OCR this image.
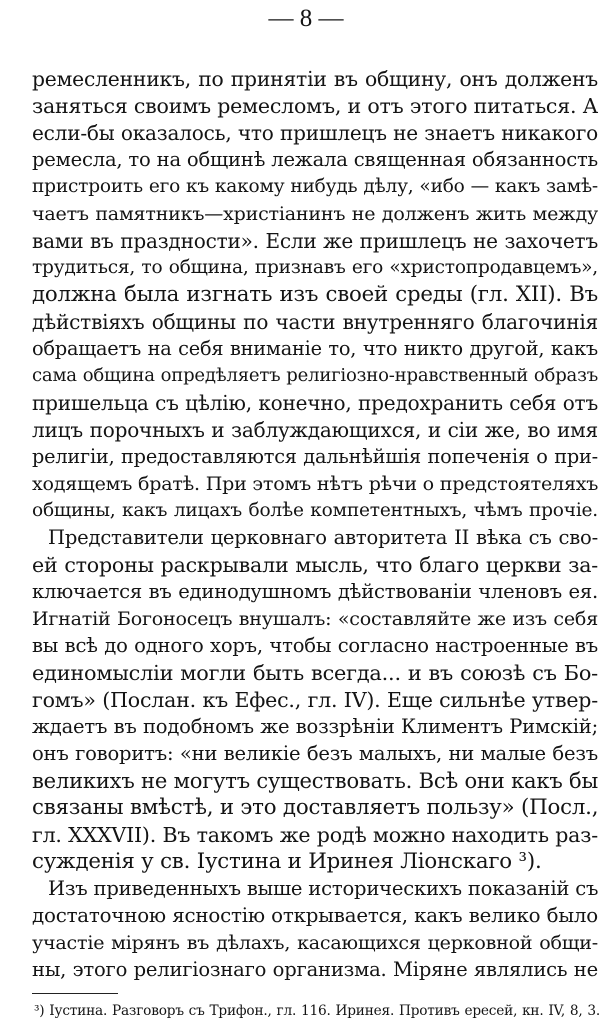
— 8 —
ремесленникъ, по принятіи въ общину, онъ долженъ
заняться своимъ ремесломъ, и отъ этого питаться. А
если-бы оказалось, что пришлецъ не знаетъ никакого
ремесла, то на общинѣ лежала священная обязанность
пристроить его къ какому нибудь дѣлу, «ибо — какъ замѣ-
чаетъ памятникъ—христіанинъ не долженъ жить между
вами въ праздности». Если же пришлецъ не захочетъ
трудиться, то община, признавъ его «христопродавцемъ»,
должна была изгнать изъ своей среды (гл. XII). Въ
дѣйствіяхъ общины по части внутренняго благочинія
обращаетъ на себя вниманіе то, что никто другой, какъ
сама община опредѣляетъ религіозно-нравственный образъ
пришельца съ цѣлію, конечно, предохранить себя отъ
лицъ порочныхъ и заблуждающихся, и сіи же, во имя
религіи, предоставляются дальнѣйшія попеченія о при-
ходящемъ братѣ. При этомъ нѣтъ рѣчи о предстоятеляхъ
общины, какъ лицахъ болѣе компетентныхъ, чѣмъ прочіе.
Представители церковнаго авторитета II вѣка съ сво-
ей стороны раскрывали мысль, что благо церкви за-
ключается въ единодушномъ дѣйствованіи членовъ ея.
Игнатій Богоносецъ внушалъ: «составляйте же изъ себя
вы всѣ до одного хоръ, чтобы согласно настроенные въ
единомысліи могли быть всегда... и въ союзѣ съ Бо-
гомъ» (Послан. къ Ефес., гл. IV). Еще сильнѣе утвер-
ждаетъ въ подобномъ же воззрѣніи Климентъ Римскій;
онъ говоритъ: «ни великіе безъ малыхъ, ни малые безъ
великихъ не могутъ существовать. Всѣ они какъ бы
связаны вмѣстѣ, и это доставляетъ пользу» (Посл.,
гл. XXXVII). Въ такомъ же родѣ можно находить раз-
сужденія у св. Іустина и Иринея Ліонскаго ³).
Изъ приведенныхъ выше историческихъ показаній съ
достаточною ясностію открывается, какъ велико было
участіе мірянъ въ дѣлахъ, касающихся церковной общи-
ны, этого религіознаго организма. Міряне являлись не
³) Іустина. Разговоръ съ Трифон., гл. 116. Иринея. Противъ ересей, кн. IV, 8, 3.
